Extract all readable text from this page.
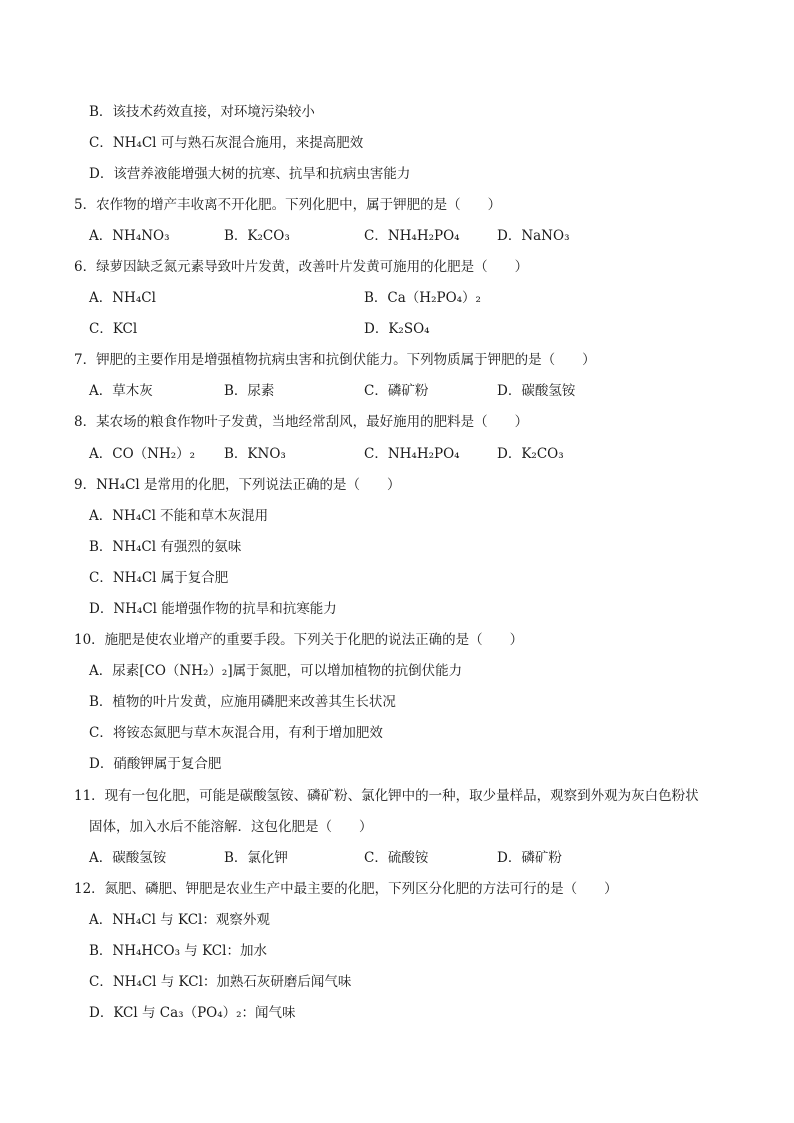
B．该技术药效直接，对环境污染较小
C．NH₄Cl 可与熟石灰混合施用，来提高肥效
D．该营养液能增强大树的抗寒、抗旱和抗病虫害能力
5．农作物的增产丰收离不开化肥。下列化肥中，属于钾肥的是（　　）
A．NH₄NO₃	B．K₂CO₃	C．NH₄H₂PO₄	D．NaNO₃
6．绿萝因缺乏氮元素导致叶片发黄，改善叶片发黄可施用的化肥是（　　）
A．NH₄Cl	B．Ca（H₂PO₄）₂
C．KCl	D．K₂SO₄
7．钾肥的主要作用是增强植物抗病虫害和抗倒伏能力。下列物质属于钾肥的是（　　）
A．草木灰	B．尿素	C．磷矿粉	D．碳酸氢铵
8．某农场的粮食作物叶子发黄，当地经常刮风，最好施用的肥料是（　　）
A．CO（NH₂）₂ B．KNO₃	C．NH₄H₂PO₄	D．K₂CO₃
9．NH₄Cl 是常用的化肥，下列说法正确的是（　　）
A．NH₄Cl 不能和草木灰混用
B．NH₄Cl 有强烈的氨味
C．NH₄Cl 属于复合肥
D．NH₄Cl 能增强作物的抗旱和抗寒能力
10．施肥是使农业增产的重要手段。下列关于化肥的说法正确的是（　　）
A．尿素[CO（NH₂）₂]属于氮肥，可以增加植物的抗倒伏能力
B．植物的叶片发黄，应施用磷肥来改善其生长状况
C．将铵态氮肥与草木灰混合用，有利于增加肥效
D．硝酸钾属于复合肥
11．现有一包化肥，可能是碳酸氢铵、磷矿粉、氯化钾中的一种，取少量样品，观察到外观为灰白色粉状
固体，加入水后不能溶解．这包化肥是（　　）
A．碳酸氢铵	B．氯化钾	C．硫酸铵	D．磷矿粉
12．氮肥、磷肥、钾肥是农业生产中最主要的化肥，下列区分化肥的方法可行的是（　　）
A．NH₄Cl 与 KCl：观察外观
B．NH₄HCO₃ 与 KCl：加水
C．NH₄Cl 与 KCl：加熟石灰研磨后闻气味
D．KCl 与 Ca₃（PO₄）₂：闻气味
